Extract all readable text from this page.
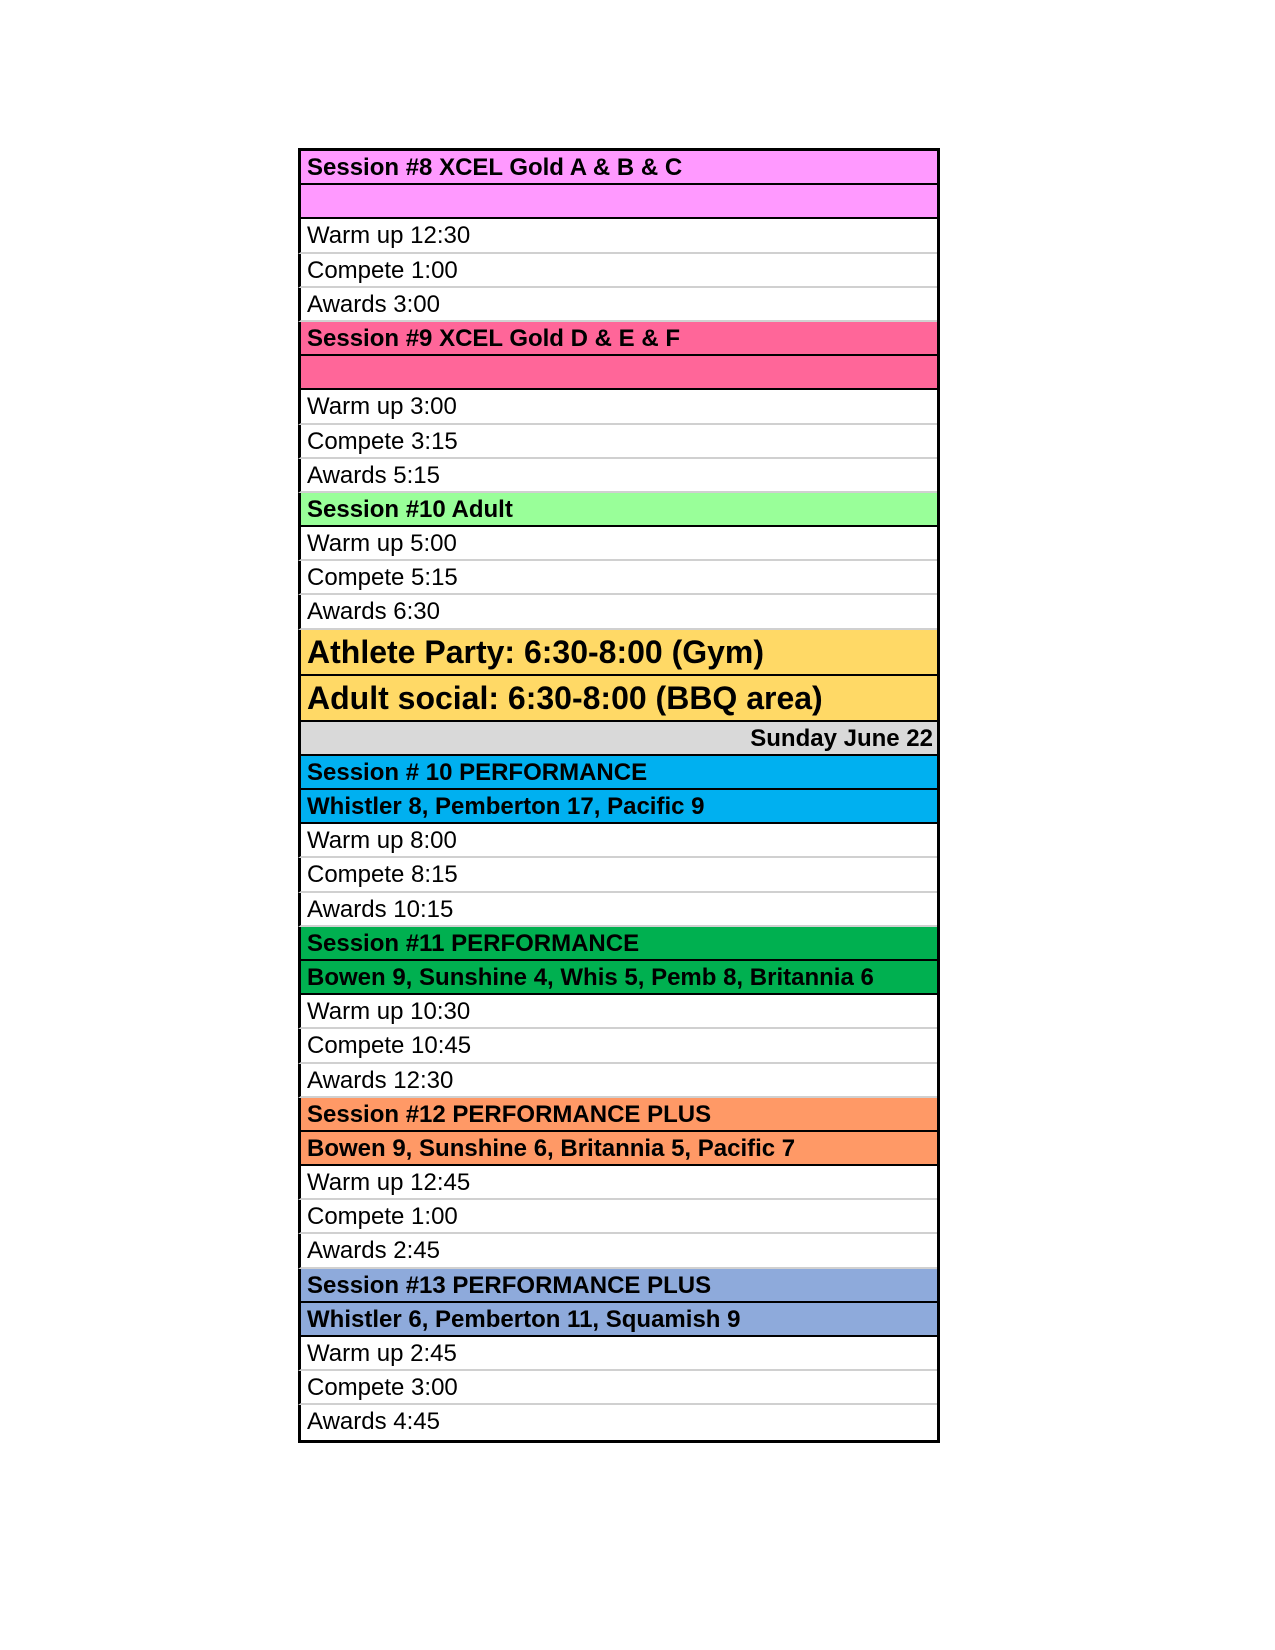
Session #8 XCEL Gold A & B & C
Warm up 12:30
Compete 1:00
Awards 3:00
Session #9 XCEL Gold D & E & F
Warm up 3:00
Compete 3:15
Awards 5:15
Session #10 Adult
Warm up 5:00
Compete 5:15
Awards 6:30
Athlete Party: 6:30-8:00 (Gym)
Adult social: 6:30-8:00 (BBQ area)
Sunday June 22
Session # 10 PERFORMANCE
Whistler 8, Pemberton 17, Pacific 9
Warm up 8:00
Compete 8:15
Awards 10:15
Session #11 PERFORMANCE
Bowen 9, Sunshine 4, Whis 5, Pemb 8, Britannia 6
Warm up 10:30
Compete 10:45
Awards 12:30
Session #12 PERFORMANCE PLUS
Bowen 9, Sunshine 6, Britannia 5, Pacific 7
Warm up 12:45
Compete 1:00
Awards 2:45
Session #13 PERFORMANCE PLUS
Whistler 6, Pemberton 11, Squamish 9
Warm up 2:45
Compete 3:00
Awards 4:45
